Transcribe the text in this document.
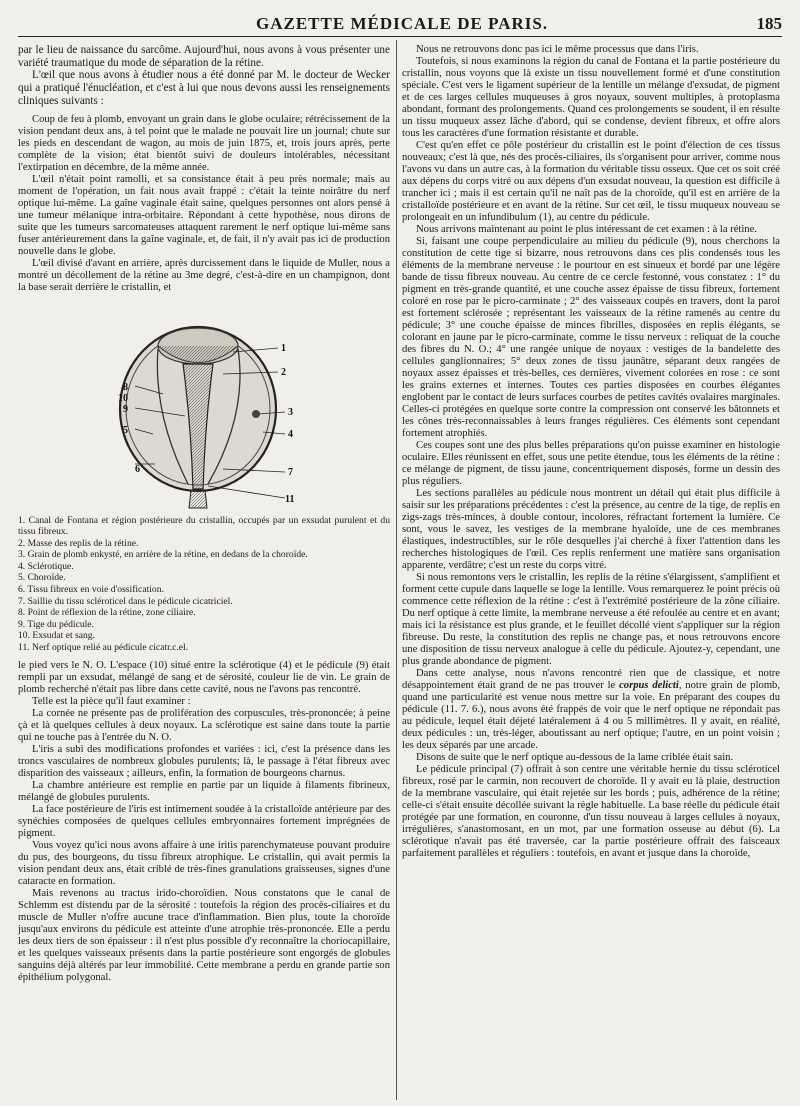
GAZETTE MÉDICALE DE PARIS.	185

par le lieu de naissance du sarcôme. Aujourd'hui, nous avons à vous présenter une variété traumatique du mode de séparation de la rétine.

L'œil que nous avons à étudier nous a été donné par M. le docteur de Wecker qui a pratiqué l'énucléation, et c'est à lui que nous devons aussi les renseignements cliniques suivants :

Coup de feu à plomb, envoyant un grain dans le globe oculaire; rétrécissement de la vision pendant deux ans, à tel point que le malade ne pouvait lire un journal; chute sur les pieds en descendant de wagon, au mois de juin 1875, et, trois jours après, perte complète de la vision; état bientôt suivi de douleurs intolérables, nécessitant l'extirpation en décembre, de la même année.

L'œil n'était point ramolli, et sa consistance était à peu près normale; mais au moment de l'opération, un fait nous avait frappé : c'était la teinte noirâtre du nerf optique lui-même. La gaîne vaginale était saine, quelques personnes ont alors pensé à une tumeur mélanique intra-orbitaire. Répondant à cette hypothèse, nous dirons de suite que les tumeurs sarcomateuses attaquent rarement le nerf optique lui-même sans fuser antérieurement dans la gaîne vaginale, et, de fait, il n'y avait pas ici de production nouvelle dans le globe.

L'œil divisé d'avant en arrière, après durcissement dans le liquide de Muller, nous a montré un décollement de la rétine au 3me degré, c'est-à-dire en un champignon, dont la base serait derrière le cristallin, et

1
2
3
4
5
6	7
8
9
10
11
1. Canal de Fontana et région postérieure du cristallin, occupés par un exsudat purulent et du tissu fibreux.
2. Masse des replis de la rétine.
3. Grain de plomb enkysté, en arrière de la rétine, en dedans de la choroïde.
4. Sclérotique.
5. Choroïde.
6. Tissu fibreux en voie d'ossification.
7. Saillie du tissu scléroticel dans le pédicule cicatriciel.
8. Point de réflexion de la rétine, zone ciliaire.
9. Tige du pédicule.
10. Exsudat et sang.
11. Nerf optique relié au pédicule cicatr.c.el.

le pied vers le N. O. L'espace (10) situé entre la sclérotique (4) et le pédicule (9) était rempli par un exsudat, mélangé de sang et de sérosité, couleur lie de vin. Le grain de plomb recherché n'était pas libre dans cette cavité, nous ne l'avons pas rencontré.

Telle est la pièce qu'il faut examiner :

La cornée ne présente pas de prolifération des corpuscules, très-prononcée; à peine çà et là quelques cellules à deux noyaux. La sclérotique est saine dans toute la partie qui ne touche pas à l'entrée du N. O.

L'iris a subi des modifications profondes et variées : ici, c'est la présence dans les troncs vasculaires de nombreux globules purulents; là, le passage à l'état fibreux avec disparition des vaisseaux ; ailleurs, enfin, la formation de bourgeons charnus.

La chambre antérieure est remplie en partie par un liquide à filaments fibrineux, mélangé de globules purulents.

La face postérieure de l'iris est intimement soudée à la cristalloïde antérieure par des synéchies composées de quelques cellules embryonnaires fortement imprégnées de pigment.

Vous voyez qu'ici nous avons affaire à une iritis parenchymateuse pouvant produire du pus, des bourgeons, du tissu fibreux atrophique. Le cristallin, qui avait permis la vision pendant deux ans, était criblé de très-fines granulations graisseuses, signes d'une cataracte en formation.

Mais revenons au tractus irido-choroïdien. Nous constatons que le canal de Schlemm est distendu par de la sérosité : toutefois la région des procès-ciliaires et du muscle de Muller n'offre aucune trace d'inflammation. Bien plus, toute la choroïde jusqu'aux environs du pédicule est atteinte d'une atrophie très-prononcée. Elle a perdu les deux tiers de son épaisseur : il n'est plus possible d'y reconnaître la choriocapillaire, et les quelques vaisseaux présents dans la partie postérieure sont engorgés de globules sanguins déjà altérés par leur immobilité. Cette membrane a perdu en grande partie son épithélium polygonal.

Nous ne retrouvons donc pas ici le même processus que dans l'iris.

Toutefois, si nous examinons la région du canal de Fontana et la partie postérieure du cristallin, nous voyons que là existe un tissu nouvellement formé et d'une constitution spéciale. C'est vers le ligament supérieur de la lentille un mélange d'exsudat, de pigment et de ces larges cellules muqueuses à gros noyaux, souvent multiples, à protoplasma abondant, formant des prolongements. Quand ces prolongements se soudent, il en résulte un tissu muqueux assez lâche d'abord, qui se condense, devient fibreux, et offre alors tous les caractères d'une formation résistante et durable.

C'est qu'en effet ce pôle postérieur du cristallin est le point d'élection de ces tissus nouveaux; c'est là que, nés des procès-ciliaires, ils s'organisent pour arriver, comme nous l'avons vu dans un autre cas, à la formation du véritable tissu osseux. Que cet os soit créé aux dépens du corps vitré ou aux dépens d'un exsudat nouveau, la question est difficile à trancher ici ; mais il est certain qu'il ne naît pas de la choroïde, qu'il est en arrière de la cristalloïde postérieure et en avant de la rétine. Sur cet œil, le tissu muqueux nouveau se prolongeait en un infundibulum (1), au centre du pédicule.

Nous arrivons maintenant au point le plus intéressant de cet examen : à la rétine.

Si, faisant une coupe perpendiculaire au milieu du pédicule (9), nous cherchons la constitution de cette tige si bizarre, nous retrouvons dans ces plis condensés tous les éléments de la membrane nerveuse : le pourtour en est sinueux et bordé par une légère bande de tissu fibreux nouveau. Au centre de ce cercle festonné, vous constatez : 1° du pigment en très-grande quantité, et une couche assez épaisse de tissu fibreux, fortement coloré en rose par le picro-carminate ; 2° des vaisseaux coupés en travers, dont la paroi est fortement sclérosée ; représentant les vaisseaux de la rétine ramenés au centre du pédicule; 3° une couche épaisse de minces fibrilles, disposées en replis élégants, se colorant en jaune par le picro-carminate, comme le tissu nerveux : reliquat de la couche des fibres du N. O.; 4° une rangée unique de noyaux : vestiges de la bandelette des cellules ganglionnaires; 5° deux zones de tissu jaunâtre, séparant deux rangées de noyaux assez épaisses et très-belles, ces dernières, vivement colorées en rose : ce sont les grains externes et internes. Toutes ces parties disposées en courbes élégantes englobent par le contact de leurs surfaces courbes de petites cavités ovalaires marginales. Celles-ci protégées en quelque sorte contre la compression ont conservé les bâtonnets et les cônes très-reconnaissables à leurs franges régulières. Ces éléments sont cependant fortement atrophiés.

Ces coupes sont une des plus belles préparations qu'on puisse examiner en histologie oculaire. Elles réunissent en effet, sous une petite étendue, tous les éléments de la rétine : ce mélange de pigment, de tissu jaune, concentriquement disposés, forme un dessin des plus réguliers.

Les sections parallèles au pédicule nous montrent un détail qui était plus difficile à saisir sur les préparations précédentes : c'est la présence, au centre de la tige, de replis en zigs-zags très-minces, à double contour, incolores, réfractant fortement la lumière. Ce sont, vous le savez, les vestiges de la membrane hyaloïde, une de ces membranes élastiques, indestructibles, sur le rôle desquelles j'ai cherché à fixer l'attention dans les recherches histologiques de l'œil. Ces replis renferment une matière sans organisation apparente, verdâtre; c'est un reste du corps vitré.

Si nous remontons vers le cristallin, les replis de la rétine s'élargissent, s'amplifient et forment cette cupule dans laquelle se loge la lentille. Vous remarquerez le point précis où commence cette réflexion de la rétine : c'est à l'extrémité postérieure de la zône ciliaire. Du nerf optique à cette limite, la membrane nerveuse a été refoulée au centre et en avant; mais ici la résistance est plus grande, et le feuillet décollé vient s'appliquer sur la région fibreuse. Du reste, la constitution des replis ne change pas, et nous retrouvons encore une disposition de tissu nerveux analogue à celle du pédicule. Ajoutez-y, cependant, une plus grande abondance de pigment.

Dans cette analyse, nous n'avons rencontré rien que de classique, et notre désappointement était grand de ne pas trouver le corpus delicti, notre grain de plomb, quand une particularité est venue nous mettre sur la voie. En préparant des coupes du pédicule (11. 7. 6.), nous avons été frappés de voir que le nerf optique ne répondait pas au pédicule, lequel était déjeté latéralement à 4 ou 5 millimètres. Il y avait, en réalité, deux pédicules : un, très-léger, aboutissant au nerf optique; l'autre, en un point voisin ; les deux séparés par une arcade.

Disons de suite que le nerf optique au-dessous de la lame criblée était sain.

Le pédicule principal (7) offrait à son centre une véritable hernie du tissu scléroticel fibreux, rosé par le carmin, non recouvert de choroïde. Il y avait eu là plaie, destruction de la membrane vasculaire, qui était rejetée sur les bords ; puis, adhérence de la rétine; celle-ci s'était ensuite décollée suivant la règle habituelle. La base réelle du pédicule était protégée par une formation, en couronne, d'un tissu nouveau à larges cellules à noyaux, irrégulières, s'anastomosant, en un mot, par une formation osseuse au début (6). La sclérotique n'avait pas été traversée, car la partie postérieure offrait des faisceaux parfaitement parallèles et réguliers : toutefois, en avant et jusque dans la choroïde,
